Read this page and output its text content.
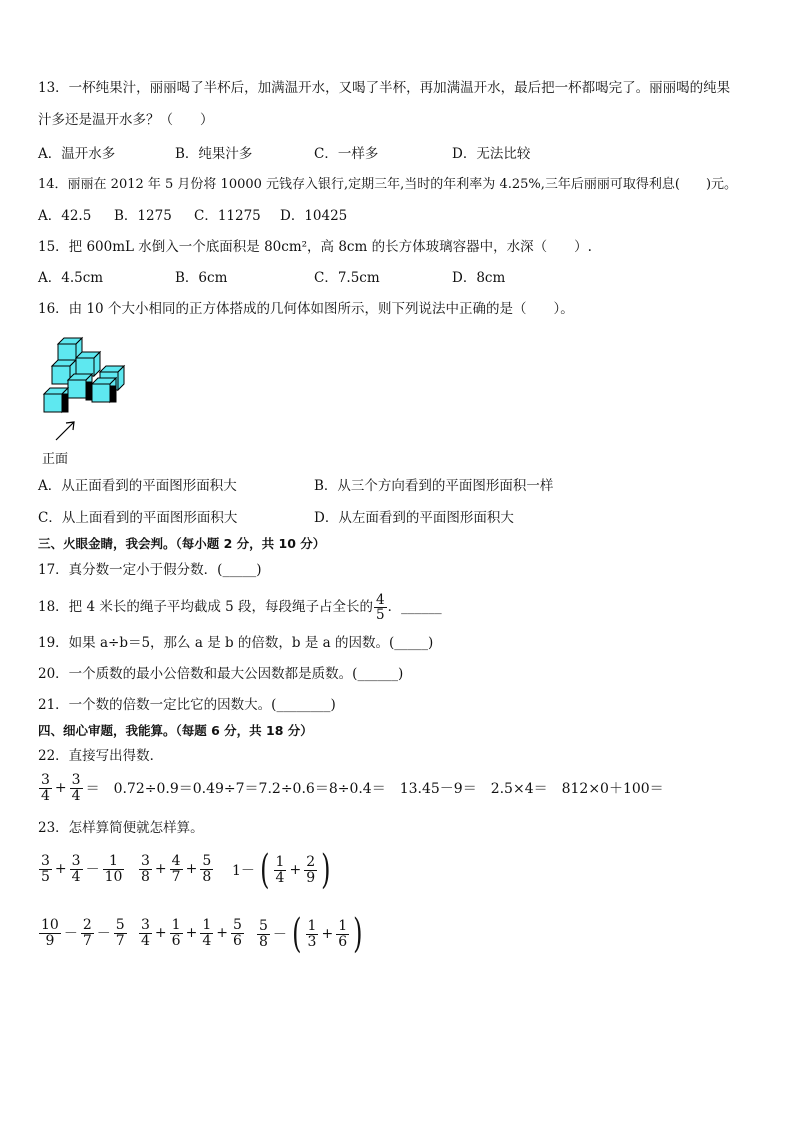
13．一杯纯果汁，丽丽喝了半杯后，加满温开水，又喝了半杯，再加满温开水，最后把一杯都喝完了。丽丽喝的纯果
汁多还是温开水多？（　　）
A．温开水多	B．纯果汁多	C．一样多	D．无法比较
14．丽丽在 2012 年 5 月份将 10000 元钱存入银行,定期三年,当时的年利率为 4.25%,三年后丽丽可取得利息(　　)元。
A．42.5 B．1275 C．11275 D．10425
15．把 600mL 水倒入一个底面积是 80cm²，高 8cm 的长方体玻璃容器中，水深（　　）.
A．4.5cm	B．6cm	C．7.5cm	D．8cm
16．由 10 个大小相同的正方体搭成的几何体如图所示，则下列说法中正确的是（　　）。
正面
A．从正面看到的平面图形面积大	B．从三个方向看到的平面图形面积一样
C．从上面看到的平面图形面积大	D．从左面看到的平面图形面积大
三、火眼金睛，我会判。（每小题 2 分，共 10 分）
17．真分数一定小于假分数．(_____)
18．把 4 米长的绳子平均截成 5 段，每段绳子占全长的 $\frac{4}{5}$ ．______
19．如果 a÷b＝5，那么 a 是 b 的倍数，b 是 a 的因数。(_____)
20．一个质数的最小公倍数和最大公因数都是质数。(______)
21．一个数的倍数一定比它的因数大。(________)
四、细心审题，我能算。（每题 6 分，共 18 分）
22．直接写出得数．
$\frac{3}{4} + \frac{3}{4}$ ＝　0.72÷0.9＝0.49÷7＝7.2÷0.6＝8÷0.4＝　13.45－9＝　2.5×4＝　812×0＋100＝
23．怎样算简便就怎样算。
$\frac{3}{5} + \frac{3}{4} - \frac{1}{10} \frac{3}{8} + \frac{4}{7} + \frac{5}{8} 1-$ ( $\frac{1}{4} + \frac{2}{9}$ )
$\frac{10}{9} - \frac{2}{7} - \frac{5}{7} \frac{3}{4} + \frac{1}{6} + \frac{1}{4} + \frac{5}{6} \frac{5}{8}$ － ( $\frac{1}{3} + \frac{1}{6}$ )
